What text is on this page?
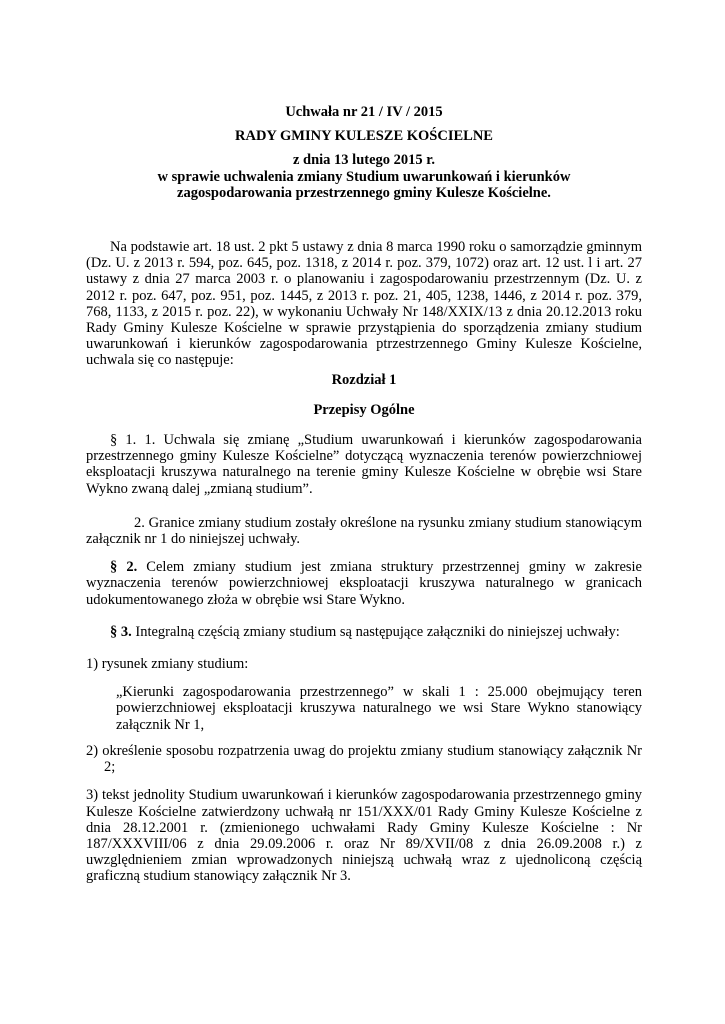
Uchwała nr 21 / IV / 2015

RADY GMINY KULESZE KOŚCIELNE

z dnia 13 lutego 2015 r.

w sprawie uchwalenia zmiany Studium uwarunkowań i kierunków zagospodarowania przestrzennego gminy Kulesze Kościelne.

Na podstawie art. 18 ust. 2 pkt 5 ustawy z dnia 8 marca 1990 roku o samorządzie gminnym (Dz. U. z 2013 r. 594, poz. 645, poz. 1318, z 2014 r. poz. 379, 1072) oraz art. 12 ust. l i art. 27 ustawy z dnia 27 marca 2003 r. o planowaniu i zagospodarowaniu przestrzennym (Dz. U. z 2012 r. poz. 647, poz. 951, poz. 1445, z 2013 r. poz. 21, 405, 1238, 1446, z 2014 r. poz. 379, 768, 1133, z 2015 r. poz. 22), w wykonaniu Uchwały Nr 148/XXIX/13 z dnia 20.12.2013 roku Rady Gminy Kulesze Kościelne w sprawie przystąpienia do sporządzenia zmiany studium uwarunkowań i kierunków zagospodarowania ptrzestrzennego Gminy Kulesze Kościelne, uchwala się co następuje:

Rozdział 1

Przepisy Ogólne

§ 1. 1. Uchwala się zmianę „Studium uwarunkowań i kierunków zagospodarowania przestrzennego gminy Kulesze Kościelne” dotyczącą wyznaczenia terenów powierzchniowej eksploatacji kruszywa naturalnego na terenie gminy Kulesze Kościelne w obrębie wsi Stare Wykno zwaną dalej „zmianą studium”.

2. Granice zmiany studium zostały określone na rysunku zmiany studium stanowiącym załącznik nr 1 do niniejszej uchwały.

§ 2. Celem zmiany studium jest zmiana struktury przestrzennej gminy w zakresie wyznaczenia terenów powierzchniowej eksploatacji kruszywa naturalnego w granicach udokumentowanego złoża w obrębie wsi Stare Wykno.

§ 3. Integralną częścią zmiany studium są następujące załączniki do niniejszej uchwały:

1) rysunek zmiany studium:

„Kierunki zagospodarowania przestrzennego” w skali 1 : 25.000 obejmujący teren powierzchniowej eksploatacji kruszywa naturalnego we wsi Stare Wykno stanowiący załącznik Nr 1,

2) określenie sposobu rozpatrzenia uwag do projektu zmiany studium stanowiący załącznik Nr 2;

3) tekst jednolity Studium uwarunkowań i kierunków zagospodarowania przestrzennego gminy Kulesze Kościelne zatwierdzony uchwałą nr 151/XXX/01 Rady Gminy Kulesze Kościelne z dnia 28.12.2001 r. (zmienionego uchwałami Rady Gminy Kulesze Kościelne : Nr 187/XXXVIII/06 z dnia 29.09.2006 r. oraz Nr 89/XVII/08 z dnia 26.09.2008 r.) z uwzględnieniem zmian wprowadzonych niniejszą uchwałą wraz z ujednoliconą częścią graficzną studium stanowiący załącznik Nr 3.
